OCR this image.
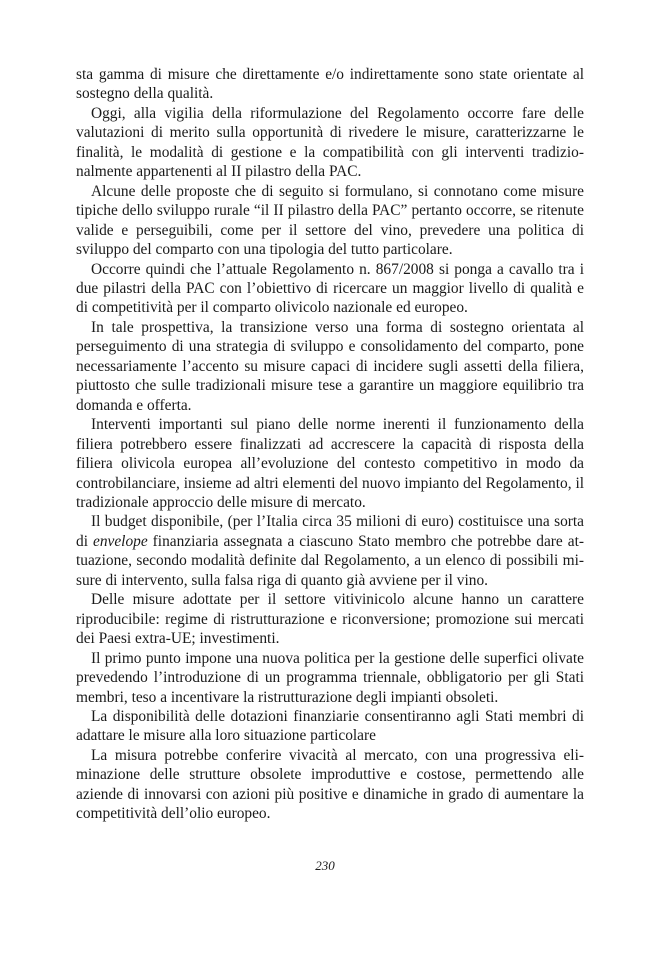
sta gamma di misure che direttamente e/o indirettamente sono state orientate al sostegno della qualità.

Oggi, alla vigilia della riformulazione del Regolamento occorre fare delle valutazioni di merito sulla opportunità di rivedere le misure, caratterizzarne le finalità, le modalità di gestione e la compatibilità con gli interventi tradizionalmente appartenenti al II pilastro della PAC.

Alcune delle proposte che di seguito si formulano, si connotano come misure tipiche dello sviluppo rurale “il II pilastro della PAC” pertanto occorre, se ritenute valide e perseguibili, come per il settore del vino, prevedere una politica di sviluppo del comparto con una tipologia del tutto particolare.

Occorre quindi che l’attuale Regolamento n. 867/2008 si ponga a cavallo tra i due pilastri della PAC con l’obiettivo di ricercare un maggior livello di qualità e di competitività per il comparto olivicolo nazionale ed europeo.

In tale prospettiva, la transizione verso una forma di sostegno orientata al perseguimento di una strategia di sviluppo e consolidamento del comparto, pone necessariamente l’accento su misure capaci di incidere sugli assetti della filiera, piuttosto che sulle tradizionali misure tese a garantire un maggiore equilibrio tra domanda e offerta.

Interventi importanti sul piano delle norme inerenti il funzionamento della filiera potrebbero essere finalizzati ad accrescere la capacità di risposta della filiera olivicola europea all’evoluzione del contesto competitivo in modo da controbilanciare, insieme ad altri elementi del nuovo impianto del Regolamento, il tradizionale approccio delle misure di mercato.

Il budget disponibile, (per l’Italia circa 35 milioni di euro) costituisce una sorta di envelope finanziaria assegnata a ciascuno Stato membro che potrebbe dare attuazione, secondo modalità definite dal Regolamento, a un elenco di possibili misure di intervento, sulla falsa riga di quanto già avviene per il vino.

Delle misure adottate per il settore vitivinicolo alcune hanno un carattere riproducibile: regime di ristrutturazione e riconversione; promozione sui mercati dei Paesi extra-UE; investimenti.

Il primo punto impone una nuova politica per la gestione delle superfici olivate prevedendo l’introduzione di un programma triennale, obbligatorio per gli Stati membri, teso a incentivare la ristrutturazione degli impianti obsoleti.

La disponibilità delle dotazioni finanziarie consentiranno agli Stati membri di adattare le misure alla loro situazione particolare

La misura potrebbe conferire vivacità al mercato, con una progressiva eliminazione delle strutture obsolete improduttive e costose, permettendo alle aziende di innovarsi con azioni più positive e dinamiche in grado di aumentare la competitività dell’olio europeo.

230
